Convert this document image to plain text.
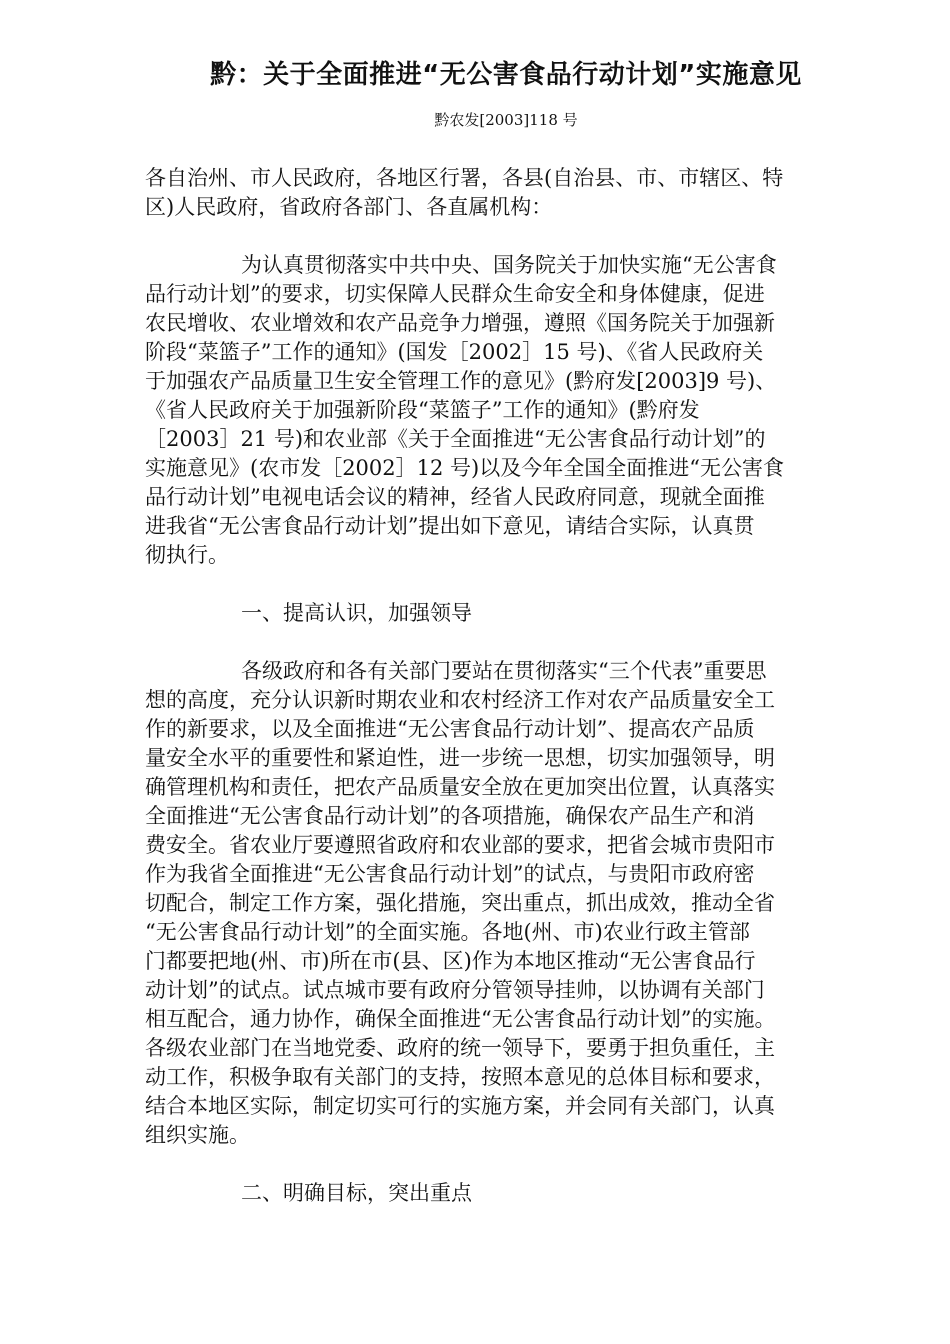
黔：关于全面推进“无公害食品行动计划”实施意见
黔农发[2003]118 号
各自治州、市人民政府，各地区行署，各县(自治县、市、市辖区、特
区)人民政府，省政府各部门、各直属机构：
为认真贯彻落实中共中央、国务院关于加快实施“无公害食
品行动计划”的要求，切实保障人民群众生命安全和身体健康，促进
农民增收、农业增效和农产品竞争力增强，遵照《国务院关于加强新
阶段“菜篮子”工作的通知》(国发［2002］15 号)、《省人民政府关
于加强农产品质量卫生安全管理工作的意见》(黔府发[2003]9 号)、
《省人民政府关于加强新阶段“菜篮子”工作的通知》(黔府发
［2003］21 号)和农业部《关于全面推进“无公害食品行动计划”的
实施意见》(农市发［2002］12 号)以及今年全国全面推进“无公害食
品行动计划”电视电话会议的精神，经省人民政府同意，现就全面推
进我省“无公害食品行动计划”提出如下意见，请结合实际，认真贯
彻执行。
一、提高认识，加强领导
各级政府和各有关部门要站在贯彻落实“三个代表”重要思
想的高度，充分认识新时期农业和农村经济工作对农产品质量安全工
作的新要求，以及全面推进“无公害食品行动计划”、提高农产品质
量安全水平的重要性和紧迫性，进一步统一思想，切实加强领导，明
确管理机构和责任，把农产品质量安全放在更加突出位置，认真落实
全面推进“无公害食品行动计划”的各项措施，确保农产品生产和消
费安全。省农业厅要遵照省政府和农业部的要求，把省会城市贵阳市
作为我省全面推进“无公害食品行动计划”的试点，与贵阳市政府密
切配合，制定工作方案，强化措施，突出重点，抓出成效，推动全省
“无公害食品行动计划”的全面实施。各地(州、市)农业行政主管部
门都要把地(州、市)所在市(县、区)作为本地区推动“无公害食品行
动计划”的试点。试点城市要有政府分管领导挂帅，以协调有关部门
相互配合，通力协作，确保全面推进“无公害食品行动计划”的实施。
各级农业部门在当地党委、政府的统一领导下，要勇于担负重任，主
动工作，积极争取有关部门的支持，按照本意见的总体目标和要求，
结合本地区实际，制定切实可行的实施方案，并会同有关部门，认真
组织实施。
二、明确目标，突出重点
